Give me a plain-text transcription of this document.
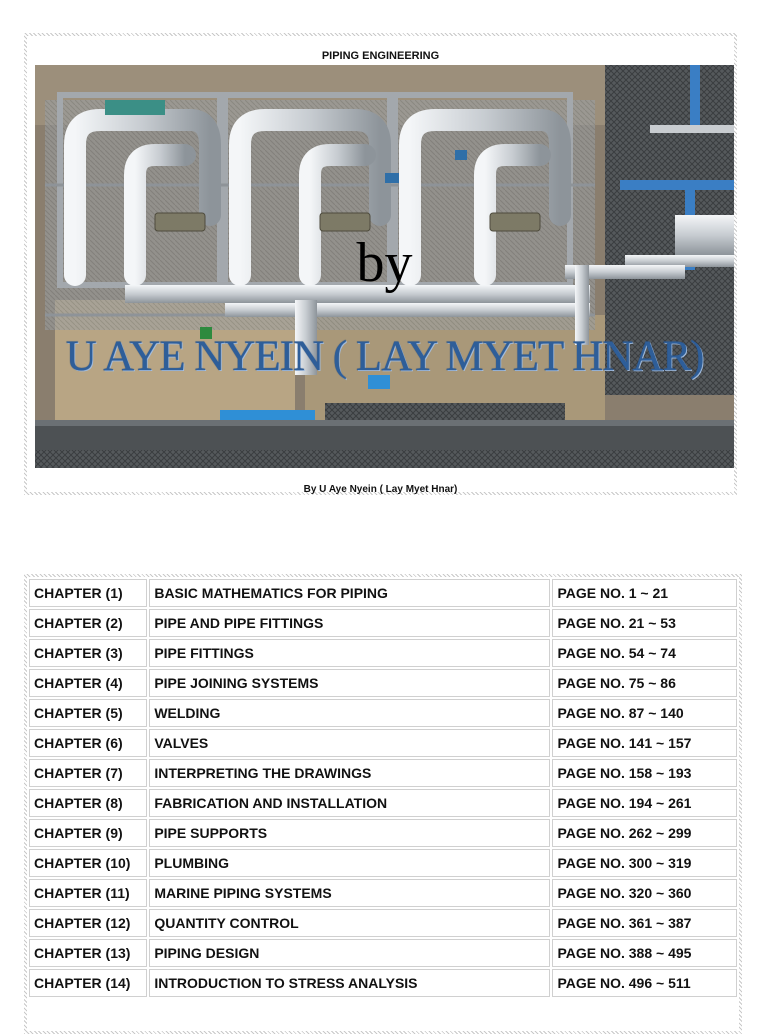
PIPING ENGINEERING
by
U AYE NYEIN ( LAY MYET HNAR)
By U Aye Nyein ( Lay Myet Hnar)
CHAPTER (1)	BASIC MATHEMATICS FOR PIPING	PAGE NO. 1 ~ 21
CHAPTER (2)	PIPE AND PIPE FITTINGS	PAGE NO. 21 ~ 53
CHAPTER (3)	PIPE FITTINGS	PAGE NO. 54 ~ 74
CHAPTER (4)	PIPE JOINING SYSTEMS	PAGE NO. 75 ~ 86
CHAPTER (5)	WELDING	PAGE NO. 87 ~ 140
CHAPTER (6)	VALVES	PAGE NO. 141 ~ 157
CHAPTER (7)	INTERPRETING THE DRAWINGS	PAGE NO. 158 ~ 193
CHAPTER (8)	FABRICATION AND INSTALLATION	PAGE NO. 194 ~ 261
CHAPTER (9)	PIPE SUPPORTS	PAGE NO. 262 ~ 299
CHAPTER (10)	PLUMBING	PAGE NO. 300 ~ 319
CHAPTER (11)	MARINE PIPING SYSTEMS	PAGE NO. 320 ~ 360
CHAPTER (12)	QUANTITY CONTROL	PAGE NO. 361 ~ 387
CHAPTER (13)	PIPING DESIGN	PAGE NO. 388 ~ 495
CHAPTER (14)	INTRODUCTION TO STRESS ANALYSIS	PAGE NO. 496 ~ 511
